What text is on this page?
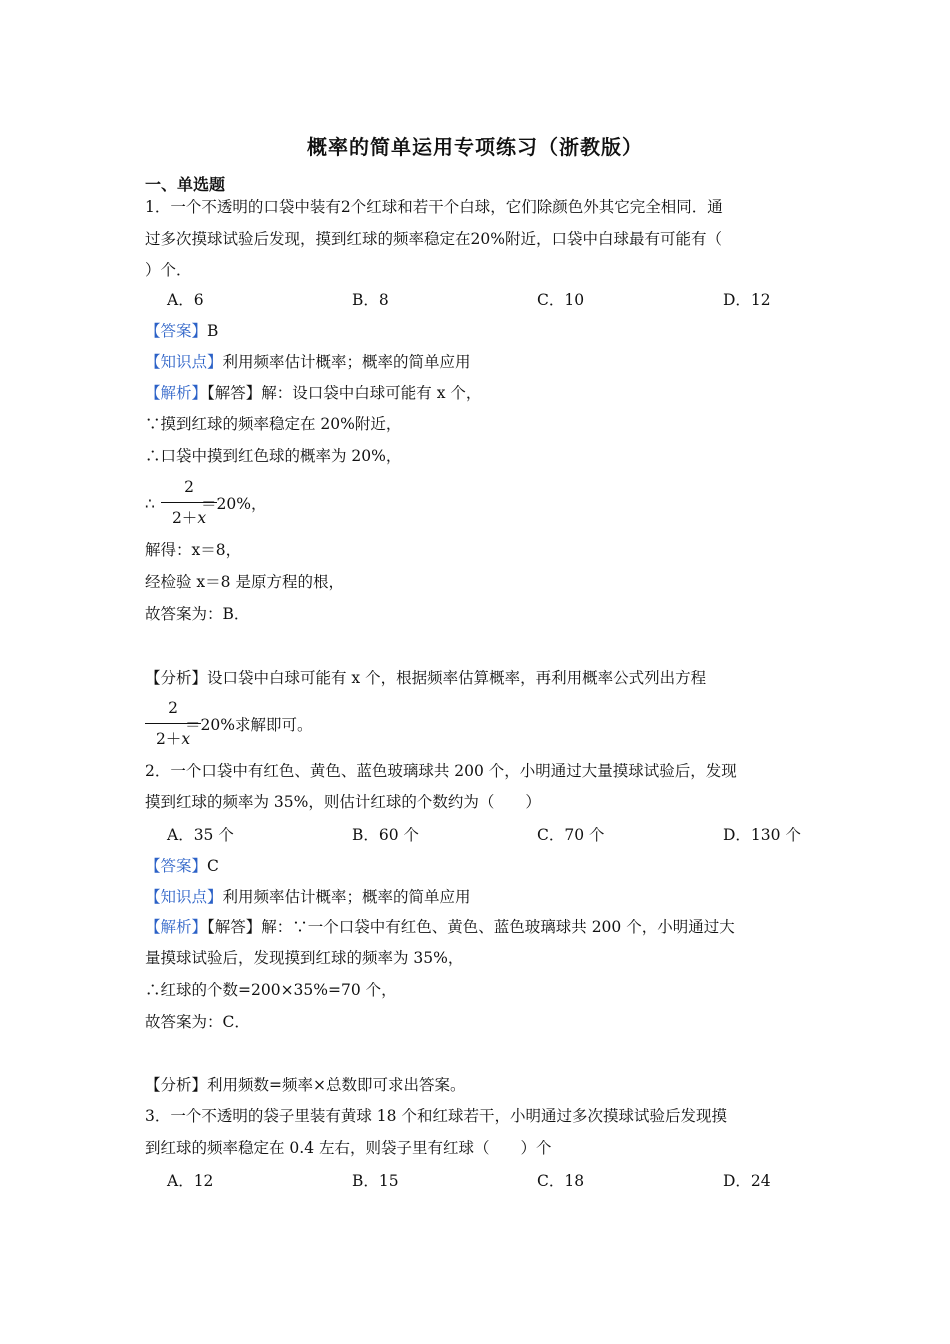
概率的简单运用专项练习（浙教版）
一、单选题
1．一个不透明的口袋中装有2个红球和若干个白球，它们除颜色外其它完全相同．通
过多次摸球试验后发现，摸到红球的频率稳定在20%附近，口袋中白球最有可能有（
）个．
A．6	B．8	C．10	D．12
【答案】B
【知识点】利用频率估计概率；概率的简单应用
【解析】【解答】解：设口袋中白球可能有 x 个，
∵摸到红球的频率稳定在 20%附近，
∴口袋中摸到红色球的概率为 20%，
∴
2
2＋x
＝20%，
解得：x＝8，
经检验 x＝8 是原方程的根，
故答案为：B．
【分析】设口袋中白球可能有 x 个，根据频率估算概率，再利用概率公式列出方程
2
2＋x
＝20%求解即可。
2．一个口袋中有红色、黄色、蓝色玻璃球共 200 个，小明通过大量摸球试验后，发现
摸到红球的频率为 35%，则估计红球的个数约为（　　）
A．35 个	B．60 个	C．70 个	D．130 个
【答案】C
【知识点】利用频率估计概率；概率的简单应用
【解析】【解答】解：∵一个口袋中有红色、黄色、蓝色玻璃球共 200 个，小明通过大
量摸球试验后，发现摸到红球的频率为 35%，
∴红球的个数=200×35%=70 个，
故答案为：C．
【分析】利用频数=频率×总数即可求出答案。
3．一个不透明的袋子里装有黄球 18 个和红球若干，小明通过多次摸球试验后发现摸
到红球的频率稳定在 0.4 左右，则袋子里有红球（　　）个
A．12	B．15	C．18	D．24
